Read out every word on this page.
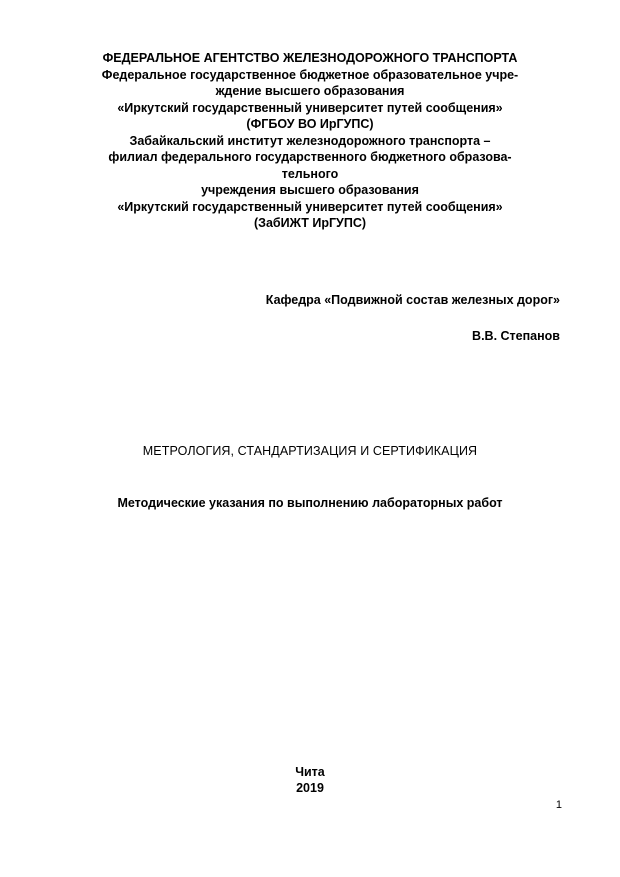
ФЕДЕРАЛЬНОЕ АГЕНТСТВО ЖЕЛЕЗНОДОРОЖНОГО ТРАНСПОРТА
Федеральное государственное бюджетное образовательное учре-
ждение высшего образования
«Иркутский государственный университет путей сообщения»
(ФГБОУ ВО ИрГУПС)
Забайкальский институт железнодорожного транспорта –
филиал федерального государственного бюджетного образова-
тельного
учреждения высшего образования
«Иркутский государственный университет путей сообщения»
(ЗабИЖТ ИрГУПС)
Кафедра «Подвижной состав железных дорог»
В.В. Степанов
МЕТРОЛОГИЯ, СТАНДАРТИЗАЦИЯ И СЕРТИФИКАЦИЯ
Методические указания по выполнению лабораторных работ
Чита
2019
1
